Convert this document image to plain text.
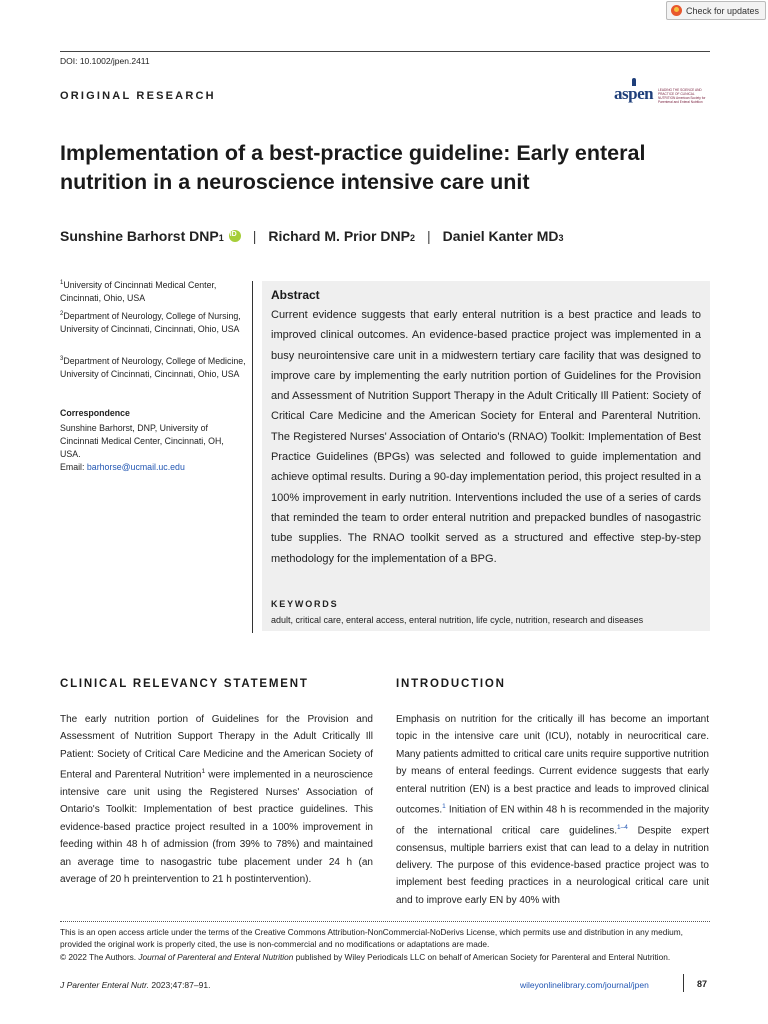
Check for updates
DOI: 10.1002/jpen.2411
ORIGINAL RESEARCH	aspen LEADING THE SCIENCE AND PRACTICE OF CLINICAL NUTRITION American Society for Parenteral and Enteral Nutrition
Implementation of a best-practice guideline: Early enteral nutrition in a neuroscience intensive care unit
Sunshine Barhorst DNP 1
iD | Richard M. Prior DNP 2 | Daniel Kanter MD 3
$^1$University of Cincinnati Medical Center, Cincinnati, Ohio, USA
$^2$Department of Neurology, College of Nursing, University of Cincinnati, Cincinnati, Ohio, USA
$^3$Department of Neurology, College of Medicine, University of Cincinnati, Cincinnati, Ohio, USA
Correspondence
Sunshine Barhorst, DNP, University of Cincinnati Medical Center, Cincinnati, OH, USA.
Email: barhorse@ucmail.uc.edu
Abstract
Current evidence suggests that early enteral nutrition is a best practice and leads to improved clinical outcomes. An evidence-based practice project was implemented in a busy neurointensive care unit in a midwestern tertiary care facility that was designed to improve care by implementing the early nutrition portion of Guidelines for the Provision and Assessment of Nutrition Support Therapy in the Adult Critically Ill Patient: Society of Critical Care Medicine and the American Society for Enteral and Parenteral Nutrition. The Registered Nurses' Association of Ontario's (RNAO) Toolkit: Implementation of Best Practice Guidelines (BPGs) was selected and followed to guide implementation and achieve optimal results. During a 90-day implementation period, this project resulted in a 100% improvement in early nutrition. Interventions included the use of a series of cards that reminded the team to order enteral nutrition and prepacked bundles of nasogastric tube supplies. The RNAO toolkit served as a structured and effective step-by-step methodology for the implementation of a BPG.
KEYWORDS
adult, critical care, enteral access, enteral nutrition, life cycle, nutrition, research and diseases
CLINICAL RELEVANCY STATEMENT
The early nutrition portion of Guidelines for the Provision and Assessment of Nutrition Support Therapy in the Adult Critically Ill Patient: Society of Critical Care Medicine and the American Society of Enteral and Parenteral Nutrition$^1$ were implemented in a neuroscience intensive care unit using the Registered Nurses' Association of Ontario's Toolkit: Implementation of best practice guidelines. This evidence-based practice project resulted in a 100% improvement in feeding within 48 h of admission (from 39% to 78%) and maintained an average time to nasogastric tube placement under 24 h (an average of 20 h preintervention to 21 h postintervention).
INTRODUCTION
Emphasis on nutrition for the critically ill has become an important topic in the intensive care unit (ICU), notably in neurocritical care. Many patients admitted to critical care units require supportive nutrition by means of enteral feedings. Current evidence suggests that early enteral nutrition (EN) is a best practice and leads to improved clinical outcomes.$^1$ Initiation of EN within 48 h is recommended in the majority of the international critical care guidelines.$^{1-4}$ Despite expert consensus, multiple barriers exist that can lead to a delay in nutrition delivery. The purpose of this evidence-based practice project was to implement best feeding practices in a neurological critical care unit and to improve early EN by 40% with
This is an open access article under the terms of the Creative Commons Attribution-NonCommercial-NoDerivs License, which permits use and distribution in any medium, provided the original work is properly cited, the use is non-commercial and no modifications or adaptations are made.
© 2022 The Authors. Journal of Parenteral and Enteral Nutrition published by Wiley Periodicals LLC on behalf of American Society for Parenteral and Enteral Nutrition.
J Parenter Enteral Nutr. 2023;47:87–91.	wileyonlinelibrary.com/journal/jpen	87
